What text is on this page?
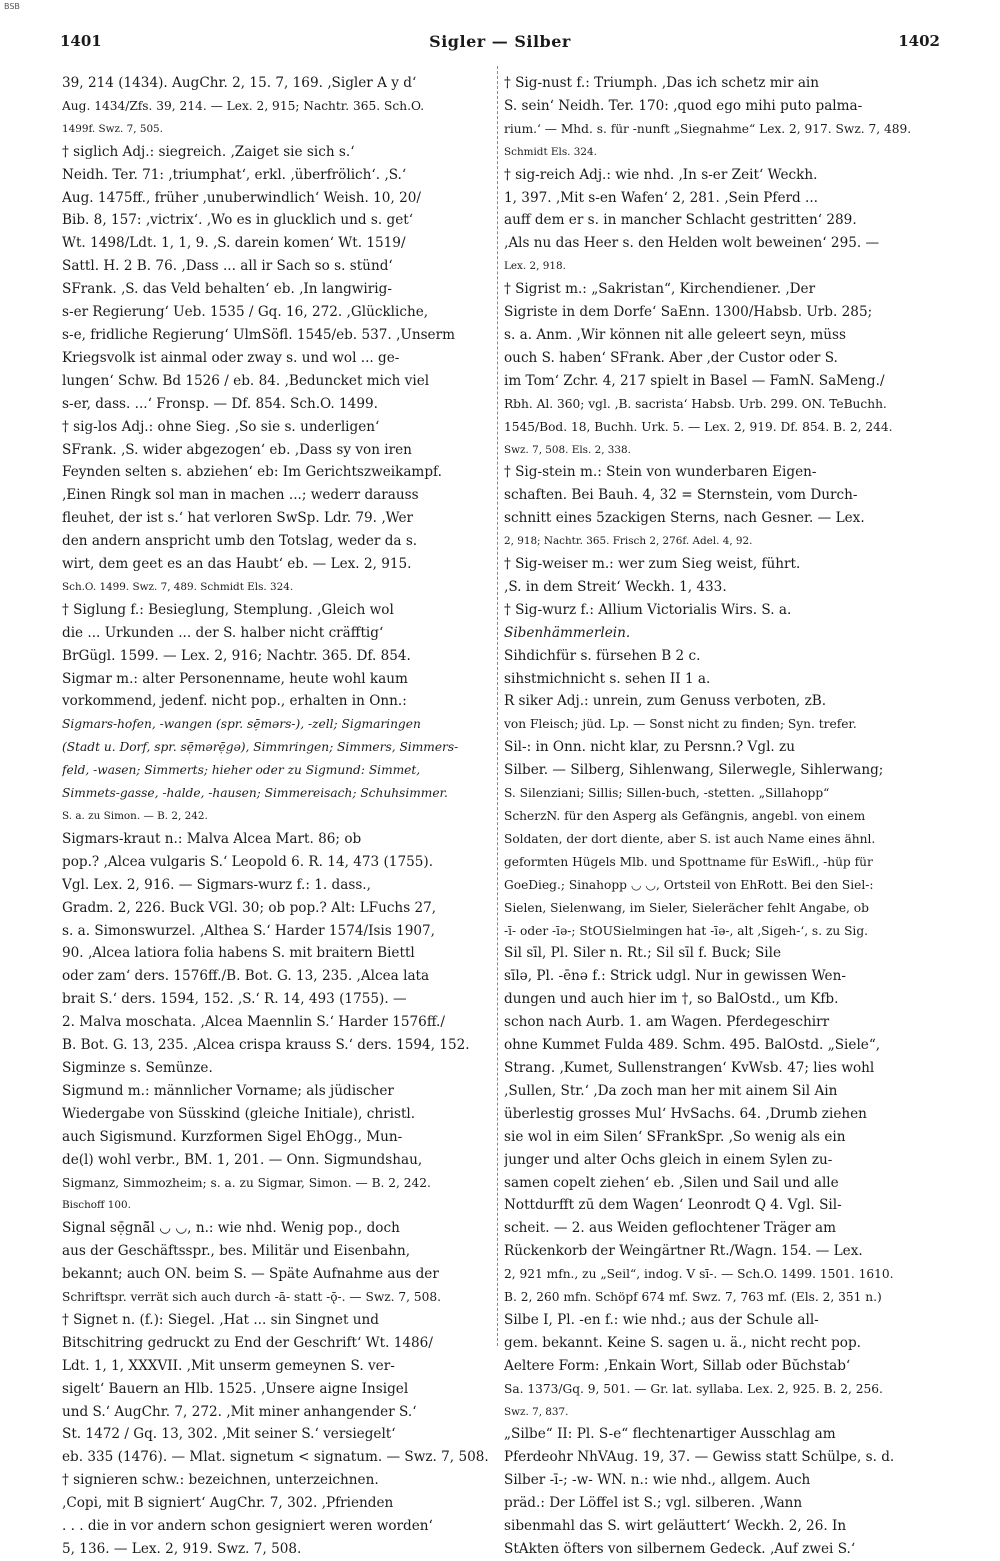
BSB
1401	Sigler — Silber	1402
39, 214 (1434). AugChr. 2, 15. 7, 169. ‚Sigler A y d‘
Aug. 1434/Zfs. 39, 214. — Lex. 2, 915; Nachtr. 365. Sch.O.
1499f. Swz. 7, 505.
† siglich Adj.: siegreich. ‚Zaiget sie sich s.‘
Neidh. Ter. 71: ‚triumphat‘, erkl. ‚überfrölich‘. ‚S.‘
Aug. 1475ff., früher ‚unuberwindlich‘ Weish. 10, 20/
Bib. 8, 157: ‚victrix‘. ‚Wo es in glucklich und s. get‘
Wt. 1498/Ldt. 1, 1, 9. ‚S. darein komen‘ Wt. 1519/
Sattl. H. 2 B. 76. ‚Dass ... all ir Sach so s. stünd‘
SFrank. ‚S. das Veld behalten‘ eb. ‚In langwirig-
s-er Regierung‘ Ueb. 1535 / Gq. 16, 272. ‚Glückliche,
s-e, fridliche Regierung‘ UlmSöfl. 1545/eb. 537. ‚Unserm
Kriegsvolk ist ainmal oder zway s. und wol ... ge-
lungen‘ Schw. Bd 1526 / eb. 84. ‚Beduncket mich viel
s-er, dass. ...‘ Fronsp. — Df. 854. Sch.O. 1499.
† sig-los Adj.: ohne Sieg. ‚So sie s. underligen‘
SFrank. ‚S. wider abgezogen‘ eb. ‚Dass sy von iren
Feynden selten s. abziehen‘ eb: Im Gerichtszweikampf.
‚Einen Ringk sol man in machen ...; wederr darauss
fleuhet, der ist s.‘ hat verloren SwSp. Ldr. 79. ‚Wer
den andern anspricht umb den Totslag, weder da s.
wirt, dem geet es an das Haubt‘ eb. — Lex. 2, 915.
Sch.O. 1499. Swz. 7, 489. Schmidt Els. 324.
† Siglung f.: Besieglung, Stemplung. ‚Gleich wol
die ... Urkunden ... der S. halber nicht cräfftig‘
BrGügl. 1599. — Lex. 2, 916; Nachtr. 365. Df. 854.
Sigmar m.: alter Personenname, heute wohl kaum
vorkommend, jedenf. nicht pop., erhalten in Onn.:
Sigmars-hofen, -wangen (spr. sẹ̄mərs-), -zell; Sigmaringen
(Stadt u. Dorf, spr. sẹ̄mərẹ̄gə), Simmringen; Simmers, Simmers-
feld, -wasen; Simmerts; hieher oder zu Sigmund: Simmet,
Simmets-gasse, -halde, -hausen; Simmereisach; Schuhsimmer.
S. a. zu Simon. — B. 2, 242.
Sigmars-kraut n.: Malva Alcea Mart. 86; ob
pop.? ‚Alcea vulgaris S.‘ Leopold 6. R. 14, 473 (1755).
Vgl. Lex. 2, 916. — Sigmars-wurz f.: 1. dass.,
Gradm. 2, 226. Buck VGl. 30; ob pop.? Alt: LFuchs 27,
s. a. Simonswurzel. ‚Althea S.‘ Harder 1574/Isis 1907,
90. ‚Alcea latiora folia habens S. mit braitern Biettl
oder zam‘ ders. 1576ff./B. Bot. G. 13, 235. ‚Alcea lata
brait S.‘ ders. 1594, 152. ‚S.‘ R. 14, 493 (1755). —
2. Malva moschata. ‚Alcea Maennlin S.‘ Harder 1576ff./
B. Bot. G. 13, 235. ‚Alcea crispa krauss S.‘ ders. 1594, 152.
Sigminze s. Semünze.
Sigmund m.: männlicher Vorname; als jüdischer
Wiedergabe von Süsskind (gleiche Initiale), christl.
auch Sigismund. Kurzformen Sigel EhOgg., Mun-
de(l) wohl verbr., BM. 1, 201. — Onn. Sigmundshau,
Sigmanz, Simmozheim; s. a. zu Sigmar, Simon. — B. 2, 242.
Bischoff 100.
Signal sẹ̄gnā̆l ◡ ◡, n.: wie nhd. Wenig pop., doch
aus der Geschäftsspr., bes. Militär und Eisenbahn,
bekannt; auch ON. beim S. — Späte Aufnahme aus der
Schriftspr. verrät sich auch durch -ā- statt -ǭ-. — Swz. 7, 508.
† Signet n. (f.): Siegel. ‚Hat ... sin Singnet und
Bitschitring gedruckt zu End der Geschrift‘ Wt. 1486/
Ldt. 1, 1, XXXVII. ‚Mit unserm gemeynen S. ver-
sigelt‘ Bauern an Hlb. 1525. ‚Unsere aigne Insigel
und S.‘ AugChr. 7, 272. ‚Mit miner anhangender S.‘
St. 1472 / Gq. 13, 302. ‚Mit seiner S.‘ versiegelt‘
eb. 335 (1476). — Mlat. signetum < signatum. — Swz. 7, 508.
† signieren schw.: bezeichnen, unterzeichnen.
‚Copi, mit B signiert‘ AugChr. 7, 302. ‚Pfrienden
. . . die in vor andern schon gesigniert weren worden‘
5, 136. — Lex. 2, 919. Swz. 7, 508.
† Sig-nust f.: Triumph. ‚Das ich schetz mir ain
S. sein‘ Neidh. Ter. 170: ‚quod ego mihi puto palma-
rium.‘ — Mhd. s. für -nunft „Siegnahme“ Lex. 2, 917. Swz. 7, 489.
Schmidt Els. 324.
† sig-reich Adj.: wie nhd. ‚In s-er Zeit‘ Weckh.
1, 397. ‚Mit s-en Wafen‘ 2, 281. ‚Sein Pferd ...
auff dem er s. in mancher Schlacht gestritten‘ 289.
‚Als nu das Heer s. den Helden wolt beweinen‘ 295. —
Lex. 2, 918.
† Sigrist m.: „Sakristan“, Kirchendiener. ‚Der
Sigriste in dem Dorfe‘ SaEnn. 1300/Habsb. Urb. 285;
s. a. Anm. ‚Wir können nit alle geleert seyn, müss
ouch S. haben‘ SFrank. Aber ‚der Custor oder S.
im Tom‘ Zchr. 4, 217 spielt in Basel — FamN. SaMeng./
Rbh. Al. 360; vgl. ‚B. sacrista‘ Habsb. Urb. 299. ON. TeBuchh.
1545/Bod. 18, Buchh. Urk. 5. — Lex. 2, 919. Df. 854. B. 2, 244.
Swz. 7, 508. Els. 2, 338.
† Sig-stein m.: Stein von wunderbaren Eigen-
schaften. Bei Bauh. 4, 32 = Sternstein, vom Durch-
schnitt eines 5zackigen Sterns, nach Gesner. — Lex.
2, 918; Nachtr. 365. Frisch 2, 276f. Adel. 4, 92.
† Sig-weiser m.: wer zum Sieg weist, führt.
‚S. in dem Streit‘ Weckh. 1, 433.
† Sig-wurz f.: Allium Victorialis Wirs. S. a.
Sibenhämmerlein.
Sihdichfür s. fürsehen B 2 c.
sihstmichnicht s. sehen II 1 a.
R siker Adj.: unrein, zum Genuss verboten, zB.
von Fleisch; jüd. Lp. — Sonst nicht zu finden; Syn. trefer.
Sil-: in Onn. nicht klar, zu Persnn.? Vgl. zu
Silber. — Silberg, Sihlenwang, Silerwegle, Sihlerwang;
S. Silenziani; Sillis; Sillen-buch, -stetten. „Sillahopp“
ScherzN. für den Asperg als Gefängnis, angebl. von einem
Soldaten, der dort diente, aber S. ist auch Name eines ähnl.
geformten Hügels Mlb. und Spottname für EsWifl., -hüp für
GoeDieg.; Sinahopp ◡ ◡, Ortsteil von EhRott. Bei den Siel-:
Sielen, Sielenwang, im Sieler, Sielerächer fehlt Angabe, ob
-ī- oder -īə-; StOUSielmingen hat -īə-, alt ‚Sigeh-‘, s. zu Sig.
Sil sīl, Pl. Siler n. Rt.; Sil sīl f. Buck; Sile
sīlə, Pl. -ēnə f.: Strick udgl. Nur in gewissen Wen-
dungen und auch hier im †, so BalOstd., um Kfb.
schon nach Aurb. 1. am Wagen. Pferdegeschirr
ohne Kummet Fulda 489. Schm. 495. BalOstd. „Siele“,
Strang. ‚Kumet, Sullenstrangen‘ KvWsb. 47; lies wohl
‚Sullen, Str.‘ ‚Da zoch man her mit ainem Sil Ain
überlestig grosses Mul‘ HvSachs. 64. ‚Drumb ziehen
sie wol in eim Silen‘ SFrankSpr. ‚So wenig als ein
junger und alter Ochs gleich in einem Sylen zu-
samen copelt ziehen‘ eb. ‚Silen und Sail und alle
Nottdurfft zū dem Wagen‘ Leonrodt Q 4. Vgl. Sil-
scheit. — 2. aus Weiden geflochtener Träger am
Rückenkorb der Weingärtner Rt./Wagn. 154. — Lex.
2, 921 mfn., zu „Seil“, indog. V sī-. — Sch.O. 1499. 1501. 1610.
B. 2, 260 mfn. Schöpf 674 mf. Swz. 7, 763 mf. (Els. 2, 351 n.)
Silbe I, Pl. -en f.: wie nhd.; aus der Schule all-
gem. bekannt. Keine S. sagen u. ä., nicht recht pop.
Aeltere Form: ‚Enkain Wort, Sillab oder Bŭchstab‘
Sa. 1373/Gq. 9, 501. — Gr. lat. syllaba. Lex. 2, 925. B. 2, 256.
Swz. 7, 837.
„Silbe“ II: Pl. S-e“ flechtenartiger Ausschlag am
Pferdeohr NhVAug. 19, 37. — Gewiss statt Schülpe, s. d.
Silber -ī-; -w- WN. n.: wie nhd., allgem. Auch
präd.: Der Löffel ist S.; vgl. silberen. ‚Wann
sibenmahl das S. wirt geläuttert‘ Weckh. 2, 26. In
StAkten öfters von silbernem Gedeck. ‚Auf zwei S.‘
